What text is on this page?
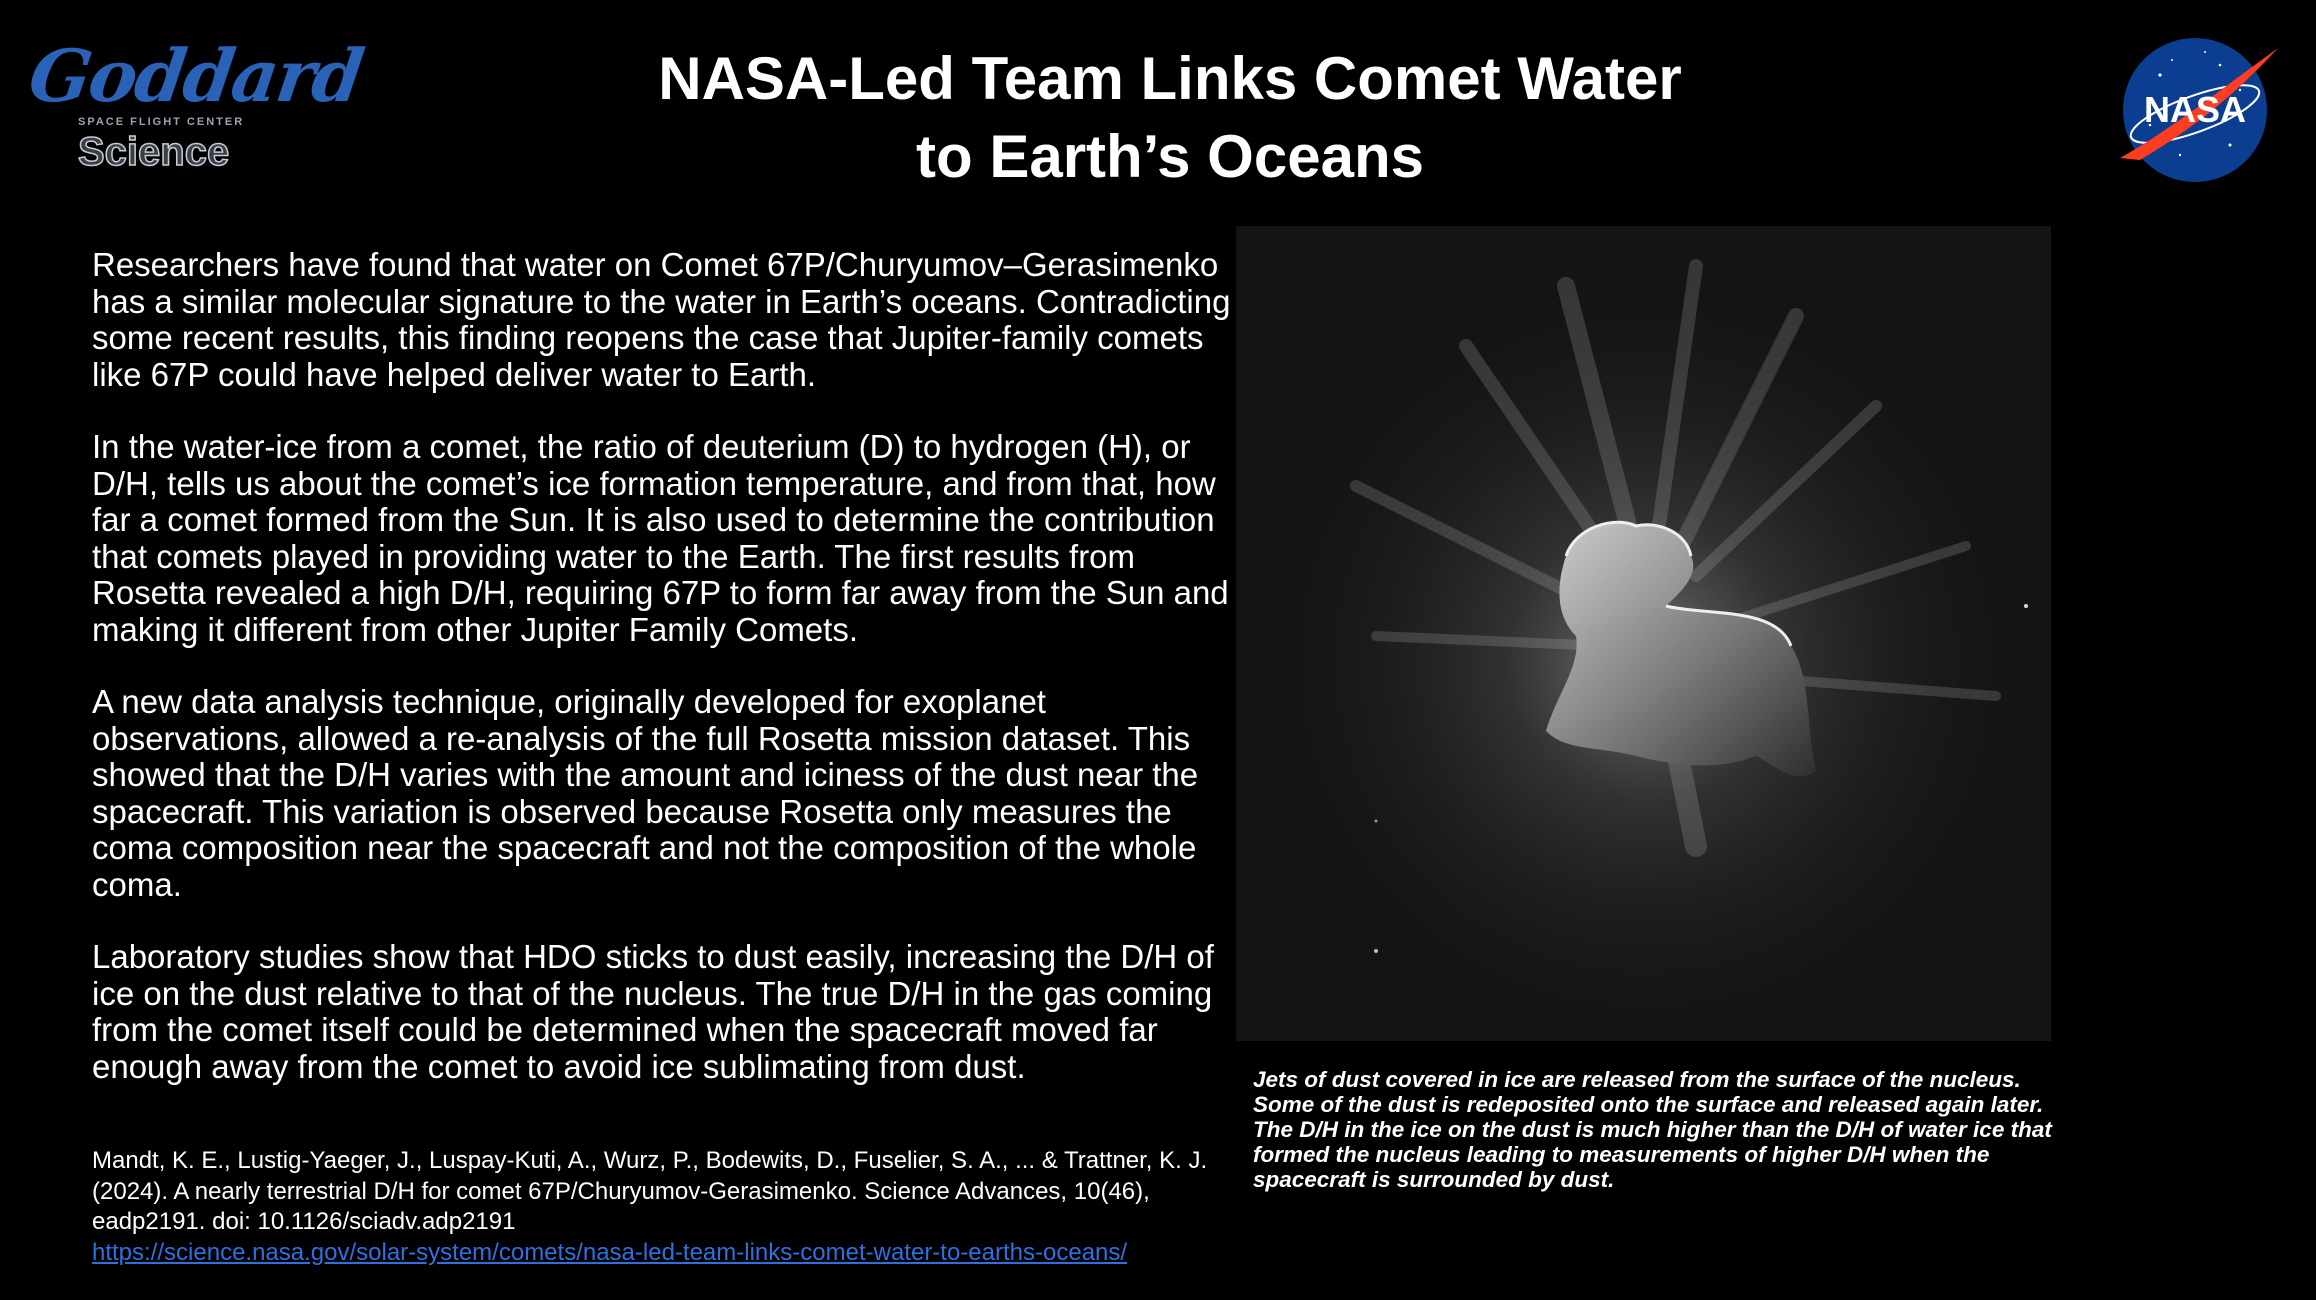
Goddard
SPACE FLIGHT CENTER
Science
NASA-Led Team Links Comet Water
to Earth’s Oceans
NASA

Researchers have found that water on Comet 67P/Churyumov–Gerasimenko has a similar molecular signature to the water in Earth’s oceans. Contradicting some recent results, this finding reopens the case that Jupiter-family comets like 67P could have helped deliver water to Earth.

In the water-ice from a comet, the ratio of deuterium (D) to hydrogen (H), or D/H, tells us about the comet’s ice formation temperature, and from that, how far a comet formed from the Sun. It is also used to determine the contribution that comets played in providing water to the Earth. The first results from Rosetta revealed a high D/H, requiring 67P to form far away from the Sun and making it different from other Jupiter Family Comets.

A new data analysis technique, originally developed for exoplanet observations, allowed a re-analysis of the full Rosetta mission dataset. This showed that the D/H varies with the amount and iciness of the dust near the spacecraft. This variation is observed because Rosetta only measures the coma composition near the spacecraft and not the composition of the whole coma.

Laboratory studies show that HDO sticks to dust easily, increasing the D/H of ice on the dust relative to that of the nucleus. The true D/H in the gas coming from the comet itself could be determined when the spacecraft moved far enough away from the comet to avoid ice sublimating from dust.

Mandt, K. E., Lustig-Yaeger, J., Luspay-Kuti, A., Wurz, P., Bodewits, D., Fuselier, S. A., ... & Trattner, K. J. (2024). A nearly terrestrial D/H for comet 67P/Churyumov-Gerasimenko. Science Advances, 10(46), eadp2191. doi: 10.1126/sciadv.adp2191
https://science.nasa.gov/solar-system/comets/nasa-led-team-links-comet-water-to-earths-oceans/
Jets of dust covered in ice are released from the surface of the nucleus. Some of the dust is redeposited onto the surface and released again later. The D/H in the ice on the dust is much higher than the D/H of water ice that formed the nucleus leading to measurements of higher D/H when the spacecraft is surrounded by dust.
